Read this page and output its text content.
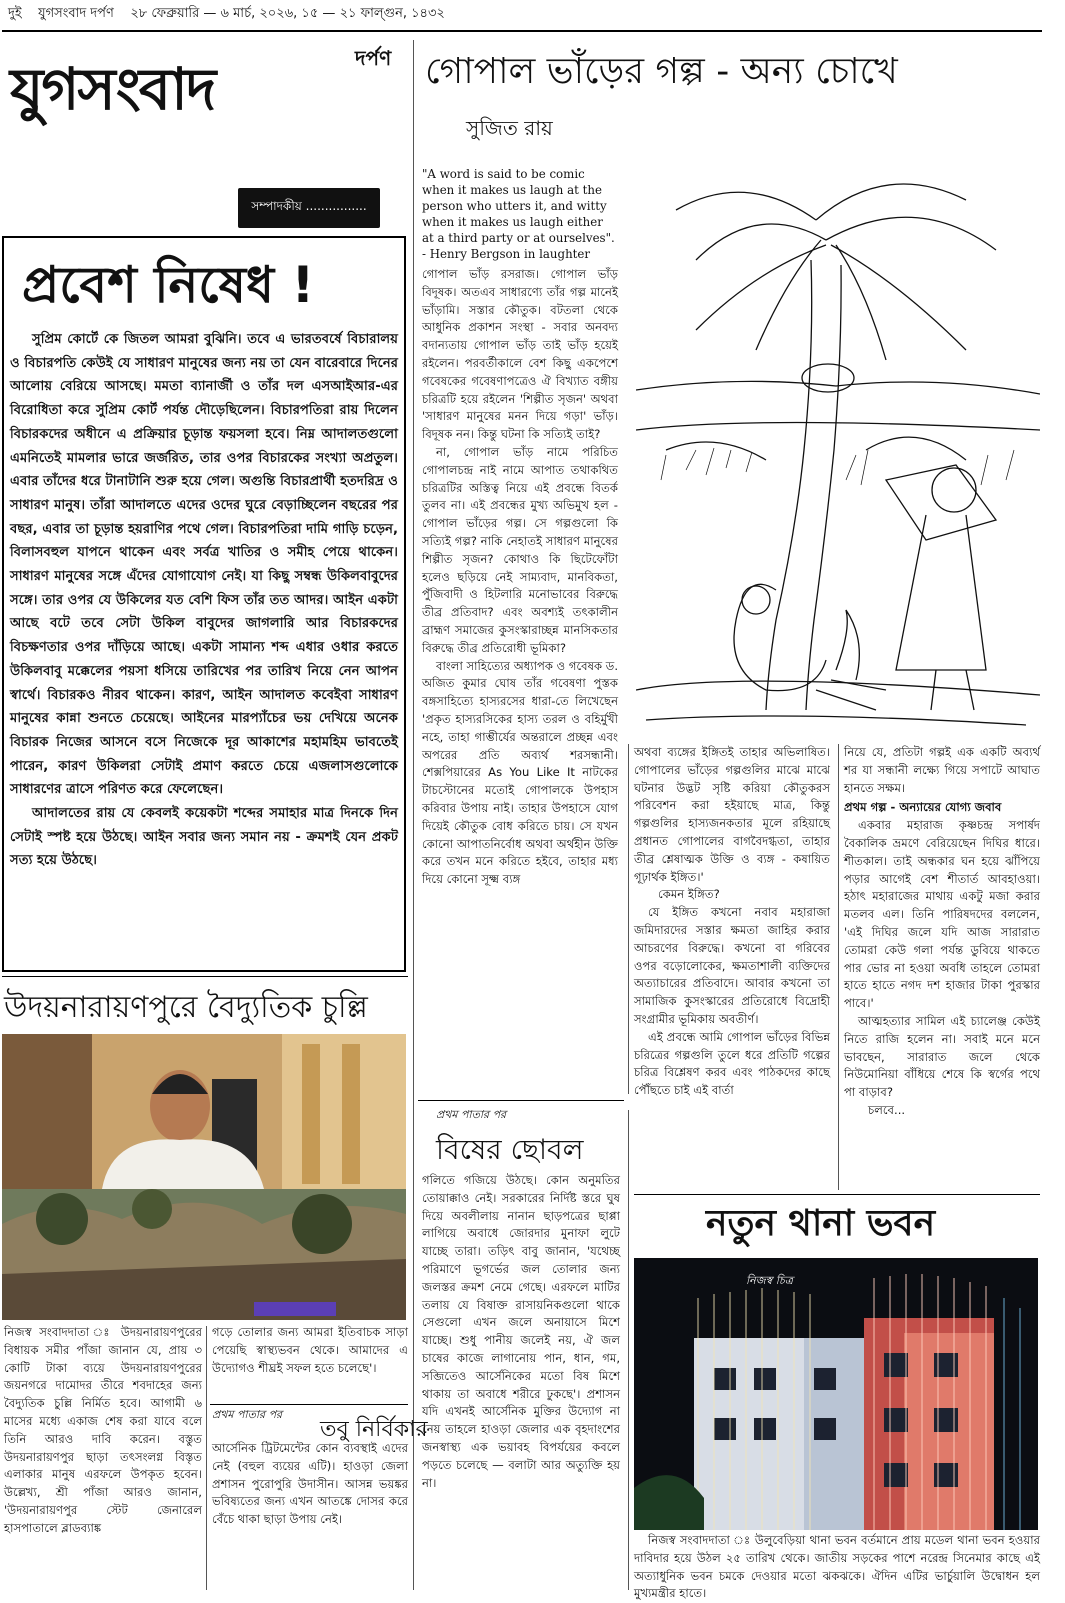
দুই যুগসংবাদ দর্পণ ২৮ ফেব্রুয়ারি — ৬ মার্চ, ২০২৬, ১৫ — ২১ ফাল্গুন, ১৪৩২
যুগসংবাদ	দর্পণ
সম্পাদকীয় ................
প্রবেশ নিষেধ !

সুপ্রিম কোর্টে কে জিতল আমরা বুঝিনি। তবে এ ভারতবর্ষে বিচারালয় ও বিচারপতি কেউই যে সাধারণ মানুষের জন্য নয় তা যেন বারেবারে দিনের আলোয় বেরিয়ে আসছে। মমতা ব্যানার্জী ও তাঁর দল এসআইআর-এর বিরোধিতা করে সুপ্রিম কোর্ট পর্যন্ত দৌড়েছিলেন। বিচারপতিরা রায় দিলেন বিচারকদের অধীনে এ প্রক্রিয়ার চূড়ান্ত ফয়সলা হবে। নিম্ন আদালতগুলো এমনিতেই মামলার ভারে জর্জরিত, তার ওপর বিচারকের সংখ্যা অপ্রতুল। এবার তাঁদের ধরে টানাটানি শুরু হয়ে গেল। অগুন্তি বিচারপ্রার্থী হতদরিদ্র ও সাধারণ মানুষ। তাঁরা আদালতে এদের ওদের ঘুরে বেড়াচ্ছিলেন বছরের পর বছর, এবার তা চূড়ান্ত হয়রাণির পথে গেল। বিচারপতিরা দামি গাড়ি চড়েন, বিলাসবহুল যাপনে থাকেন এবং সর্বত্র খাতির ও সমীহ পেয়ে থাকেন। সাধারণ মানুষের সঙ্গে এঁদের যোগাযোগ নেই। যা কিছু সম্বন্ধ উকিলবাবুদের সঙ্গে। তার ওপর যে উকিলের যত বেশি ফিস তাঁর তত আদর। আইন একটা আছে বটে তবে সেটা উকিল বাবুদের জাগলারি আর বিচারকদের বিচক্ষণতার ওপর দাঁড়িয়ে আছে। একটা সামান্য শব্দ এধার ওধার করতে উকিলবাবু মক্কেলের পয়সা ধসিয়ে তারিখের পর তারিখ নিয়ে নেন আপন স্বার্থে। বিচারকও নীরব থাকেন। কারণ, আইন আদালত কবেইবা সাধারণ মানুষের কান্না শুনতে চেয়েছে। আইনের মারপ্যাঁচের ভয় দেখিয়ে অনেক বিচারক নিজের আসনে বসে নিজেকে দূর আকাশের মহামহিম ভাবতেই পারেন, কারণ উকিলরা সেটাই প্রমাণ করতে চেয়ে এজলাসগুলোকে সাধারণের ত্রাসে পরিণত করে ফেলেছেন।

আদালতের রায় যে কেবলই কয়েকটা শব্দের সমাহার মাত্র দিনকে দিন সেটাই স্পষ্ট হয়ে উঠছে। আইন সবার জন্য সমান নয় - ক্রমশই যেন প্রকট সত্য হয়ে উঠছে।

উদয়নারায়ণপুরে বৈদ্যুতিক চুল্লি

নিজস্ব সংবাদদাতা ঃ উদয়নারায়ণপুরের বিধায়ক সমীর পাঁজা জানান যে, প্রায় ৩ কোটি টাকা ব্যয়ে উদয়নারায়ণপুরের জয়নগরে দামোদর তীরে শবদাহের জন্য বৈদ্যুতিক চুল্লি নির্মিত হবে। আগামী ৬ মাসের মধ্যে একাজ শেষ করা যাবে বলে তিনি আরও দাবি করেন। বস্তুত উদয়নারায়ণপুর ছাড়া তৎসংলগ্ন বিস্তৃত এলাকার মানুষ এরফলে উপকৃত হবেন। উল্লেখ্য, শ্রী পাঁজা আরও জানান, 'উদয়নারায়ণপুর স্টেট জেনারেল হাসপাতালে ব্লাডব্যাঙ্ক

গড়ে তোলার জন্য আমরা ইতিবাচক সাড়া পেয়েছি স্বাস্থ্যভবন থেকে। আমাদের এ উদ্যোগও শীঘ্রই সফল হতে চলেছে'।

প্রথম পাতার পর
তবু নির্বিকার

আর্সেনিক ট্রিটমেন্টের কোন ব্যবস্থাই এদের নেই (বহুল ব্যয়ের এটি)। হাওড়া জেলা প্রশাসন পুরোপুরি উদাসীন। আসন্ন ভয়ঙ্কর ভবিষ্যতের জন্য এখন আতঙ্কে দোসর করে বেঁচে থাকা ছাড়া উপায় নেই।

গোপাল ভাঁড়ের গল্প - অন্য চোখে
সুজিত রায়
"A word is said to be comic when it makes us laugh at the person who utters it, and witty when it makes us laugh either at a third party or at ourselves". - Henry Bergson in laughter

গোপাল ভাঁড় রসরাজ। গোপাল ভাঁড় বিদূষক। অতএব সাধারণ্যে তাঁর গল্প মানেই ভাঁড়ামি। সস্তার কৌতুক। বটতলা থেকে আধুনিক প্রকাশন সংস্থা - সবার অনবদ্য বদান্যতায় গোপাল ভাঁড় তাই ভাঁড় হয়েই রইলেন। পরবর্তীকালে বেশ কিছু একপেশে গবেষকের গবেষণাপত্রেও ঐ বিখ্যাত বঙ্গীয় চরিত্রটি হয়ে রইলেন 'শিল্পীত সৃজন' অথবা 'সাধারণ মানুষের মনন দিয়ে গড়া' ভাঁড়। বিদূষক নন। কিন্তু ঘটনা কি সত্যিই তাই?

না, গোপাল ভাঁড় নামে পরিচিত গোপালচন্দ্র নাই নামে আপাত তথাকথিত চরিত্রটির অস্তিত্ব নিয়ে এই প্রবন্ধে বিতর্ক তুলব না। এই প্রবন্ধের মুখ্য অভিমুখ হল - গোপাল ভাঁড়ের গল্প। সে গল্পগুলো কি সত্যিই গল্প? নাকি নেহাতই সাধারণ মানুষের শিল্পীত সৃজন? কোথাও কি ছিটেফোঁটা হলেও ছড়িয়ে নেই সাম্যবাদ, মানবিকতা, পুঁজিবাদী ও হিটলারি মনোভাবের বিরুদ্ধে তীব্র প্রতিবাদ? এবং অবশ্যই তৎকালীন ব্রাহ্মণ সমাজের কুসংস্কারাচ্ছন্ন মানসিকতার বিরুদ্ধে তীব্র প্রতিরোধী ভূমিকা?

বাংলা সাহিত্যের অধ্যাপক ও গবেষক ড. অজিত কুমার ঘোষ তাঁর গবেষণা পুস্তক বঙ্গসাহিত্যে হাস্যরসের ধারা-তে লিখেছেন 'প্রকৃত হাস্যরসিকের হাস্য তরল ও বহির্মুখী নহে, তাহা গাম্ভীর্যের অন্তরালে প্রচ্ছন্ন এবং অপরের প্রতি অব্যর্থ শরসন্ধানী। শেক্সপিয়ারের As You Like It নাটকের টাচস্টোনের মতোই গোপালকে উপহাস করিবার উপায় নাই। তাহার উপহাসে যোগ দিয়েই কৌতুক বোধ করিতে চায়। সে যখন কোনো আপাতনির্বোধ অথবা অর্থহীন উক্তি করে তখন মনে করিতে হইবে, তাহার মধ্য দিয়ে কোনো সূক্ষ্ম ব্যঙ্গ

অথবা ব্যঙ্গের ইঙ্গিতই তাহার অভিলাষিত। গোপালের ভাঁড়ের গল্পগুলির মাঝে মাঝে ঘটনার উদ্ভট সৃষ্টি করিয়া কৌতুকরস পরিবেশন করা হইয়াছে মাত্র, কিন্তু গল্পগুলির হাস্যজনকতার মূলে রহিয়াছে প্রধানত গোপালের বাগবৈদগ্ধতা, তাহার তীব্র শ্লেষাত্মক উক্তি ও ব্যঙ্গ - কষায়িত গূঢ়ার্থক ইঙ্গিত।'

কেমন ইঙ্গিত?

যে ইঙ্গিত কখনো নবাব মহারাজা জমিদারদের সস্তার ক্ষমতা জাহির করার আচরণের বিরুদ্ধে। কখনো বা গরিবের ওপর বড়োলোকের, ক্ষমতাশালী ব্যক্তিদের অত্যাচারের প্রতিবাদে। আবার কখনো তা সামাজিক কুসংস্কারের প্রতিরোধে বিদ্রোহী সংগ্রামীর ভূমিকায় অবতীর্ণ।

এই প্রবন্ধে আমি গোপাল ভাঁড়ের বিভিন্ন চরিত্রের গল্পগুলি তুলে ধরে প্রতিটি গল্পের চরিত্র বিশ্লেষণ করব এবং পাঠকদের কাছে পৌঁছতে চাই এই বার্তা

নিয়ে যে, প্রতিটা গল্পই এক একটি অব্যর্থ শর যা সন্ধানী লক্ষ্যে গিয়ে সপাটে আঘাত হানতে সক্ষম।

প্রথম গল্প - অন্যায়ের যোগ্য জবাব

একবার মহারাজ কৃষ্ণচন্দ্র সপার্ষদ বৈকালিক ভ্রমণে বেরিয়েছেন দিঘির ধারে। শীতকাল। তাই অন্ধকার ঘন হয়ে ঝাঁপিয়ে পড়ার আগেই বেশ শীতার্ত আবহাওয়া। হঠাৎ মহারাজের মাথায় একটু মজা করার মতলব এল। তিনি পারিষদদের বললেন, 'এই দিঘির জলে যদি আজ সারারাত তোমরা কেউ গলা পর্যন্ত ডুবিয়ে থাকতে পার ভোর না হওয়া অবধি তাহলে তোমরা হাতে হাতে নগদ দশ হাজার টাকা পুরস্কার পাবে।'

আত্মহত্যার সামিল এই চ্যালেঞ্জ কেউই নিতে রাজি হলেন না। সবাই মনে মনে ভাবছেন, সারারাত জলে থেকে নিউমোনিয়া বাঁধিয়ে শেষে কি স্বর্গের পথে পা বাড়াব?

চলবে...

প্রথম পাতার পর
বিষের ছোবল

গলিতে গজিয়ে উঠছে। কোন অনুমতির তোয়াক্কাও নেই। সরকারের নির্দিষ্ট স্তরে ঘুষ দিয়ে অবলীলায় নানান ছাড়পত্রের ছাপ্পা লাগিয়ে অবাধে জোরদার মুনাফা লুটে যাচ্ছে তারা। তড়িৎ বাবু জানান, 'যথেচ্ছ পরিমাণে ভূগর্ভের জল তোলার জন্য জলস্তর ক্রমশ নেমে গেছে। এরফলে মাটির তলায় যে বিষাক্ত রাসায়নিকগুলো থাকে সেগুলো এখন জলে অনায়াসে মিশে যাচ্ছে। শুধু পানীয় জলেই নয়, ঐ জল চাষের কাজে লাগানোয় পান, ধান, গম, সব্জিতেও আর্সেনিকের মতো বিষ মিশে থাকায় তা অবাধে শরীরে ঢুকছে'। প্রশাসন যদি এখনই আর্সেনিক মুক্তির উদ্যোগ না নেয় তাহলে হাওড়া জেলার এক বৃহদাংশের জনস্বাস্থ্য এক ভয়াবহ বিপর্যয়ের কবলে পড়তে চলেছে — বলাটা আর অত্যুক্তি হয় না।

নতুন থানা ভবন
নিজস্ব চিত্র

নিজস্ব সংবাদদাতা ঃ উলুবেড়িয়া থানা ভবন বর্তমানে প্রায় মডেল থানা ভবন হওয়ার দাবিদার হয়ে উঠল ২৫ তারিখ থেকে। জাতীয় সড়কের পাশে নরেন্দ্র সিনেমার কাছে এই অত্যাধুনিক ভবন চমকে দেওয়ার মতো ঝকঝকে। ঐদিন এটির ভার্চুয়ালি উদ্বোধন হল মুখ্যমন্ত্রীর হাতে।
